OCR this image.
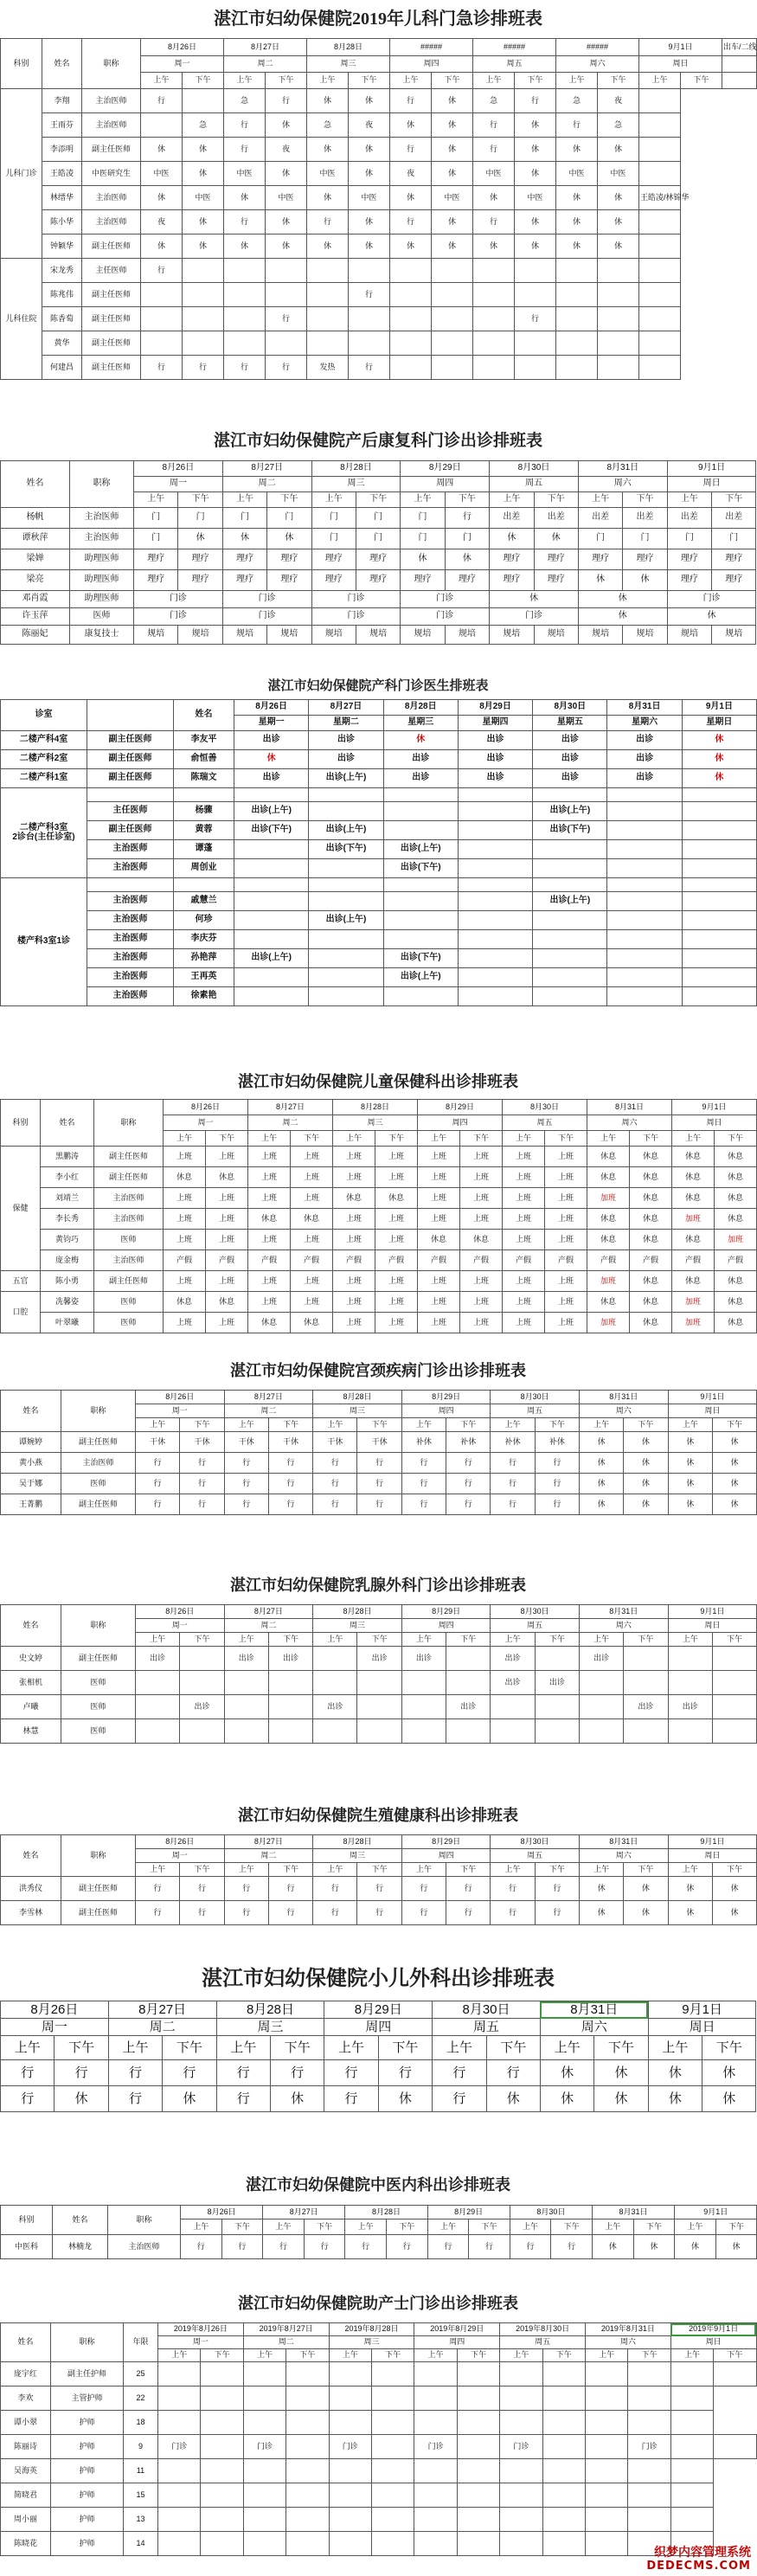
湛江市妇幼保健院2019年儿科门急诊排班表
科别	姓名	职称	8月26日		8月27日		8月28日		#####		#####		#####		9月1日		出车/二线
			周一		周二		周三		周四		周五		周六		周日		
			上午	下午	上午	下午	上午	下午	上午	下午	上午	下午	上午	下午	上午	下午	
儿科门诊	李翔	主治医师	行		急	行	休	休	行	休	急	行	急	夜			
	王雨芬	主治医师		急	行	休	急	夜	休	休	行	休	行	急			
	李添明	副主任医师	休	休	行	夜	休	休	行	休	行	休	休	休			
	王皓凌	中医研究生	中医	休	中医	休	中医	休	夜	休	中医	休	中医	中医			
	林缙华	主治医师	休	中医	休	中医	休	中医	休	中医	休	中医	休	休	王皓凌/林锦华		
	陈小华	主治医师	夜	休	行	休	行	休	行	休	行	休	休	休			
	钟颖华	副主任医师	休	休	休	休	休	休	休	休	休	休	休	休			
儿科住院	宋龙秀	主任医师	行														
	陈兆伟	副主任医师						行									
	陈香萄	副主任医师				行						行					
	黄华	副主任医师															
	何建昌	副主任医师	行	行	行	行	发热	行									
湛江市妇幼保健院产后康复科门诊出诊排班表
姓名	职称	8月26日		8月27日		8月28日		8月29日		8月30日		8月31日		9月1日	
		周一		周二		周三		周四		周五		周六		周日	
		上午	下午	上午	下午	上午	下午	上午	下午	上午	下午	上午	下午	上午	下午
杨帆	主治医师	门	门	门	门	门	门	门	行	出差	出差	出差	出差	出差	出差
谭秋萍	主治医师	门	休	休	休	门	门	门	门	休	休	门	门	门	门
梁婵	助理医师	理疗	理疗	理疗	理疗	理疗	理疗	休	休	理疗	理疗	理疗	理疗	理疗	理疗
梁亮	助理医师	理疗	理疗	理疗	理疗	理疗	理疗	理疗	理疗	理疗	理疗	休	休	理疗	理疗
邓肖霞	助理医师	门诊		门诊		门诊		门诊		休		休		门诊	
许玉萍	医师	门诊		门诊		门诊		门诊		门诊		休		休	
陈丽妃	康复技士	规培	规培	规培	规培	规培	规培	规培	规培	规培	规培	规培	规培	规培	规培
湛江市妇幼保健院产科门诊医生排班表
诊室		姓名	8月26日	8月27日	8月28日	8月29日	8月30日	8月31日	9月1日
			星期一	星期二	星期三	星期四	星期五	星期六	星期日
二楼产科4室	副主任医师	李友平	出诊	出诊	休	出诊	出诊	出诊	休
二楼产科2室	副主任医师	俞恒善	休	出诊	出诊	出诊	出诊	出诊	休
二楼产科1室	副主任医师	陈瑞文	出诊	出诊(上午)	出诊	出诊	出诊	出诊	休
二楼产科3室
2诊台(主任诊室)									
	主任医师	杨骤	出诊(上午)				出诊(上午)		
	副主任医师	黄蓉	出诊(下午)	出诊(上午)			出诊(下午)		
	主治医师	谭蓬		出诊(下午)	出诊(上午)				
	主治医师	周创业			出诊(下午)				
楼产科3室1诊									
	主治医师	戚慧兰					出诊(上午)		
	主治医师	何珍		出诊(上午)					
	主治医师	李庆芬							
	主治医师	孙艳萍	出诊(上午)		出诊(下午)				
	主治医师	王再英			出诊(上午)				
	主治医师	徐素艳							
湛江市妇幼保健院儿童保健科出诊排班表
科别	姓名	职称	8月26日		8月27日		8月28日		8月29日		8月30日		8月31日		9月1日	
			周一		周二		周三		周四		周五		周六		周日	
			上午	下午	上午	下午	上午	下午	上午	下午	上午	下午	上午	下午	上午	下午
保健	黑鹏涛	副主任医师	上班	上班	上班	上班	上班	上班	上班	上班	上班	上班	休息	休息	休息	休息
	李小红	副主任医师	休息	休息	上班	上班	上班	上班	上班	上班	上班	上班	休息	休息	休息	休息
	刘靖兰	主治医师	上班	上班	上班	上班	休息	休息	上班	上班	上班	上班	加班	休息	休息	休息
	李长秀	主治医师	上班	上班	休息	休息	上班	上班	上班	上班	上班	上班	休息	休息	加班	休息
	黄钧巧	医师	上班	上班	上班	上班	上班	上班	休息	休息	上班	上班	休息	休息	休息	加班
	庞金梅	主治医师	产假	产假	产假	产假	产假	产假	产假	产假	产假	产假	产假	产假	产假	产假
五官	陈小勇	副主任医师	上班	上班	上班	上班	上班	上班	上班	上班	上班	上班	加班	休息	休息	休息
口腔	冼馨姿	医师	休息	休息	上班	上班	上班	上班	上班	上班	上班	上班	休息	休息	加班	休息
	叶翠曦	医师	上班	上班	休息	休息	上班	上班	上班	上班	上班	上班	加班	休息	加班	休息
湛江市妇幼保健院宫颈疾病门诊出诊排班表
姓名	职称	8月26日		8月27日		8月28日		8月29日		8月30日		8月31日		9月1日	
		周一		周二		周三		周四		周五		周六		周日	
		上午	下午	上午	下午	上午	下午	上午	下午	上午	下午	上午	下午	上午	下午
谭婉婷	副主任医师	干休	干休	干休	干休	干休	干休	补休	补休	补休	补休	休	休	休	休
黄小燕	主治医师	行	行	行	行	行	行	行	行	行	行	休	休	休	休
吴于娜	医师	行	行	行	行	行	行	行	行	行	行	休	休	休	休
王菁鹏	副主任医师	行	行	行	行	行	行	行	行	行	行	休	休	休	休
湛江市妇幼保健院乳腺外科门诊出诊排班表
姓名	职称	8月26日		8月27日		8月28日		8月29日		8月30日		8月31日		9月1日	
		周一		周二		周三		周四		周五		周六		周日	
		上午	下午	上午	下午	上午	下午	上午	下午	上午	下午	上午	下午	上午	下午
史文婷	副主任医师	出诊		出诊	出诊		出诊	出诊		出诊		出诊			
张相机	医师									出诊	出诊				
卢曦	医师		出诊			出诊			出诊				出诊	出诊	
林慧	医师														
湛江市妇幼保健院生殖健康科出诊排班表
姓名	职称	8月26日		8月27日		8月28日		8月29日		8月30日		8月31日		9月1日	
		周一		周二		周三		周四		周五		周六		周日	
		上午	下午	上午	下午	上午	下午	上午	下午	上午	下午	上午	下午	上午	下午
洪秀仪	副主任医师	行	行	行	行	行	行	行	行	行	行	休	休	休	休
李雪林	副主任医师	行	行	行	行	行	行	行	行	行	行	休	休	休	休
湛江市妇幼保健院小儿外科出诊排班表
8月26日		8月27日		8月28日		8月29日		8月30日		8月31日		9月1日	
周一		周二		周三		周四		周五		周六		周日	
上午	下午	上午	下午	上午	下午	上午	下午	上午	下午	上午	下午	上午	下午
行	行	行	行	行	行	行	行	行	行	休	休	休	休
行	休	行	休	行	休	行	休	行	休	休	休	休	休
湛江市妇幼保健院中医内科出诊排班表
科别	姓名	职称	8月26日		8月27日		8月28日		8月29日		8月30日		8月31日		9月1日	
			上午	下午	上午	下午	上午	下午	上午	下午	上午	下午	上午	下午	上午	下午
中医科	林楠龙	主治医师	行	行	行	行	行	行	行	行	行	行	休	休	休	休
湛江市妇幼保健院助产士门诊出诊排班表
姓名	职称	年限	2019年8月26日		2019年8月27日		2019年8月28日		2019年8月29日		2019年8月30日		2019年8月31日		2019年9月1日	
			周一		周二		周三		周四		周五		周六		周日	
			上午	下午	上午	下午	上午	下午	上午	下午	上午	下午	上午	下午	上午	下午
庞宇红	副主任护师	25														
李欢	主管护师	22														
谭小翠	护师	18														
陈丽诗	护师	9	门诊		门诊		门诊		门诊		门诊			门诊		
吴海英	护师	11														
简晓君	护师	15														
周小丽	护师	13														
陈晓花	护师	14														
织梦内容管理系统
DEDECMS.COM
